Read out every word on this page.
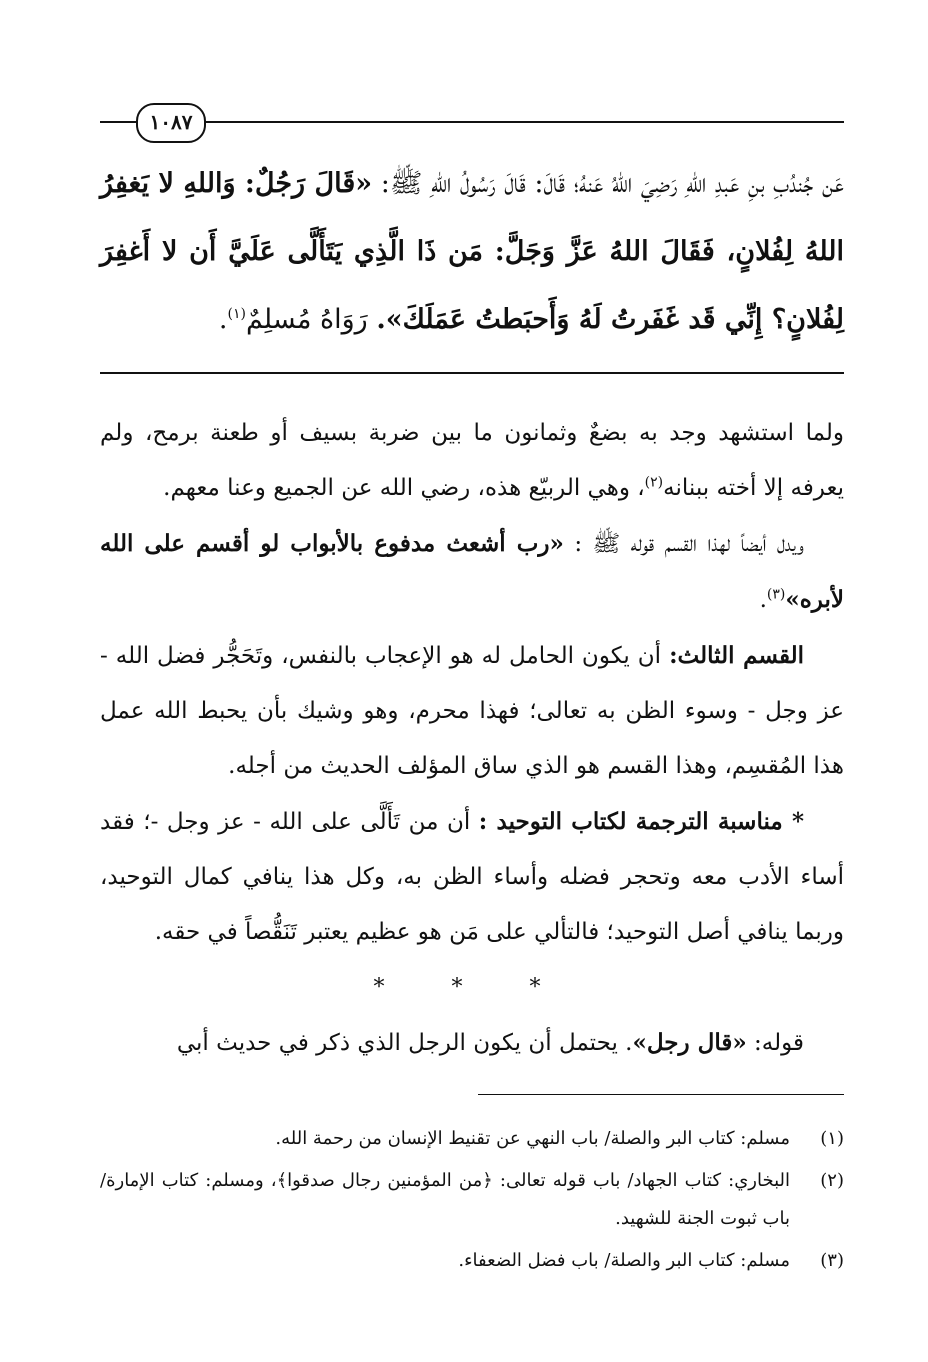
١٠٨٧
عَن جُندُبِ بنِ عَبدِ اللهِ رَضِيَ اللهُ عَنهُ؛ قَالَ: قَالَ رَسُولُ اللهِ ﷺ: «قَالَ رَجُلٌ: وَاللهِ لا يَغفِرُ اللهُ لِفُلانٍ، فَقَالَ اللهُ عَزَّ وَجَلَّ: مَن ذَا الَّذِي يَتَأَلَّى عَلَيَّ أَن لا أَغفِرَ لِفُلانٍ؟ إِنِّي قَد غَفَرتُ لَهُ وَأَحبَطتُ عَمَلَكَ». رَوَاهُ مُسلِمٌ$^{(١)}$.

ولما استشهد وجد به بضعٌ وثمانون ما بين ضربة بسيف أو طعنة برمح، ولم يعرفه إلا أخته ببنانه$^{(٢)}$، وهي الربيّع هذه، رضي الله عن الجميع وعنا معهم.

ويدل أيضاً لهذا القسم قوله ﷺ : «رب أشعث مدفوع بالأبواب لو أقسم على الله لأبره»$^{(٣)}$.

القسم الثالث: أن يكون الحامل له هو الإعجاب بالنفس، وتَحَجُّر فضل الله - عز وجل - وسوء الظن به تعالى؛ فهذا محرم، وهو وشيك بأن يحبط الله عمل هذا المُقسِم، وهذا القسم هو الذي ساق المؤلف الحديث من أجله.

* مناسبة الترجمة لكتاب التوحيد : أن من تَأَلَّى على الله - عز وجل -؛ فقد أساء الأدب معه وتحجر فضله وأساء الظن به، وكل هذا ينافي كمال التوحيد، وربما ينافي أصل التوحيد؛ فالتألي على مَن هو عظيم يعتبر تَنَقُّصاً في حقه.

* * *

قوله: «قال رجل». يحتمل أن يكون الرجل الذي ذكر في حديث أبي

(١)
مسلم: كتاب البر والصلة/ باب النهي عن تقنيط الإنسان من رحمة الله.
(٢)
البخاري: كتاب الجهاد/ باب قوله تعالى: ﴿من المؤمنين رجال صدقوا﴾، ومسلم: كتاب الإمارة/ باب ثبوت الجنة للشهيد.
(٣)
مسلم: كتاب البر والصلة/ باب فضل الضعفاء.
